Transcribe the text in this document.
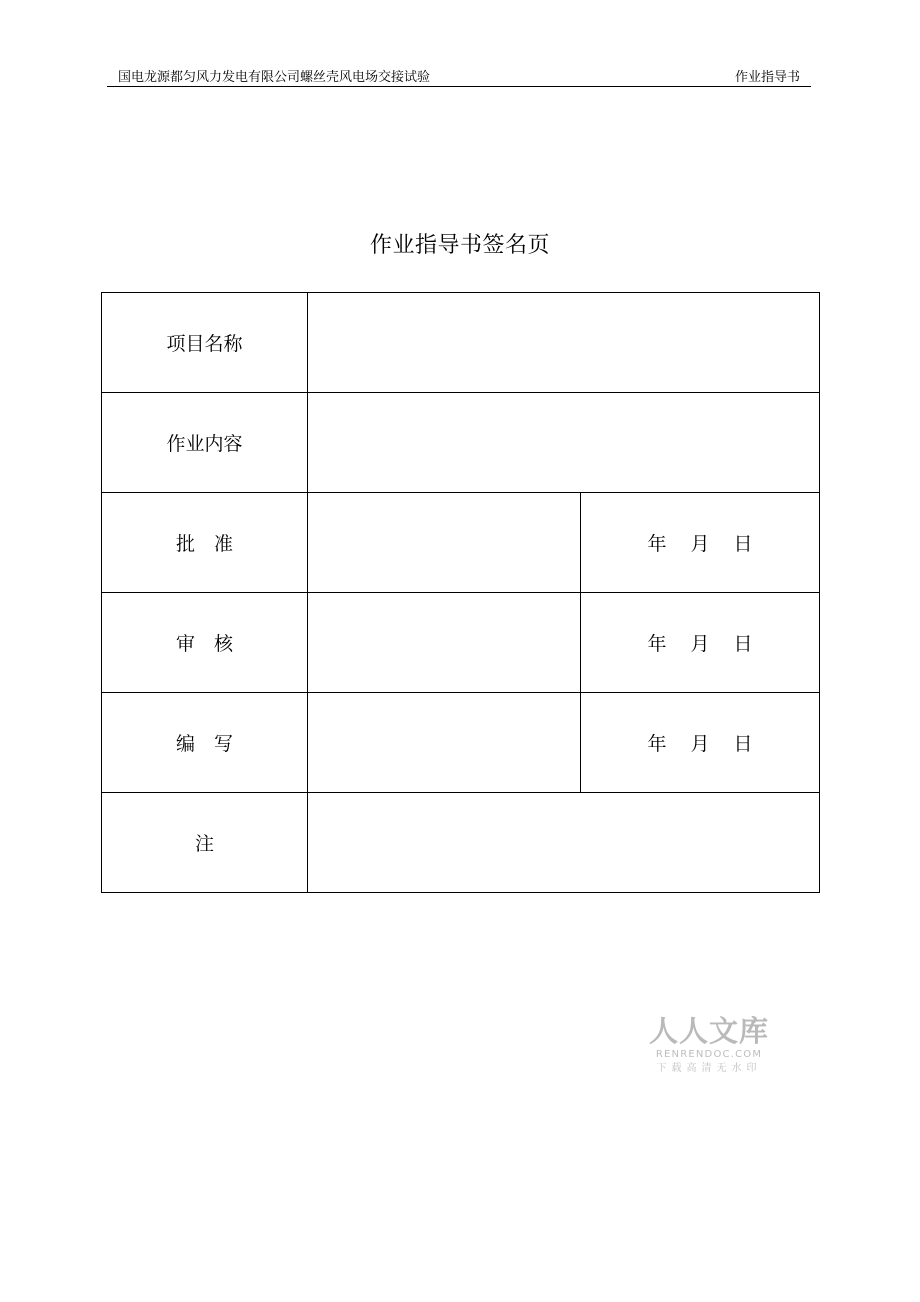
国电龙源都匀风力发电有限公司螺丝壳风电场交接试验	作业指导书
作业指导书签名页
项目名称		
作业内容		
批　准		年 月 日
审　核		年 月 日
编　写		年 月 日
注		
人人文库
RENRENDOC.COM
下载高清无水印
